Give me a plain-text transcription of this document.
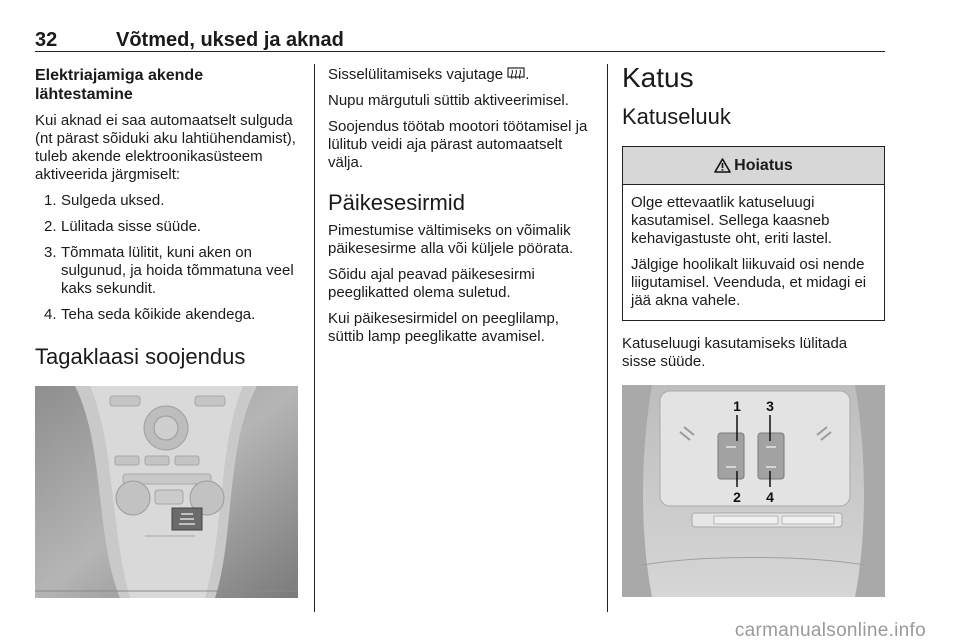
32	Võtmed, uksed ja aknad
Elektriajamiga akende lähtestamine

Kui aknad ei saa automaatselt sulguda (nt pärast sõiduki aku lahtiühendamist), tuleb akende elektroonikasüsteem aktiveerida järgmiselt:

1. Sulgeda uksed.
2. Lülitada sisse süüde.
3. Tõmmata lülitit, kuni aken on sulgunud, ja hoida tõmmatuna veel kaks sekundit.
4. Teha seda kõikide akendega.
Tagaklaasi soojendus

Sisselülitamiseks vajutage .

Nupu märgutuli süttib aktiveerimisel.

Soojendus töötab mootori töötamisel ja lülitub veidi aja pärast automaatselt välja.

Päikesesirmid

Pimestumise vältimiseks on võimalik päikesesirme alla või küljele pöörata.

Sõidu ajal peavad päikesesirmi peeglikatted olema suletud.

Kui päikesesirmidel on peeglilamp, süttib lamp peeglikatte avamisel.

Katus
Katuseluuk
Hoiatus

Olge ettevaatlik katuseluugi kasutamisel. Sellega kaasneb kehavigastuste oht, eriti lastel.

Jälgige hoolikalt liikuvaid osi nende liigutamisel. Veenduda, et midagi ei jää akna vahele.

Katuseluugi kasutamiseks lülitada sisse süüde.

1 3
2 4
carmanualsonline.info
